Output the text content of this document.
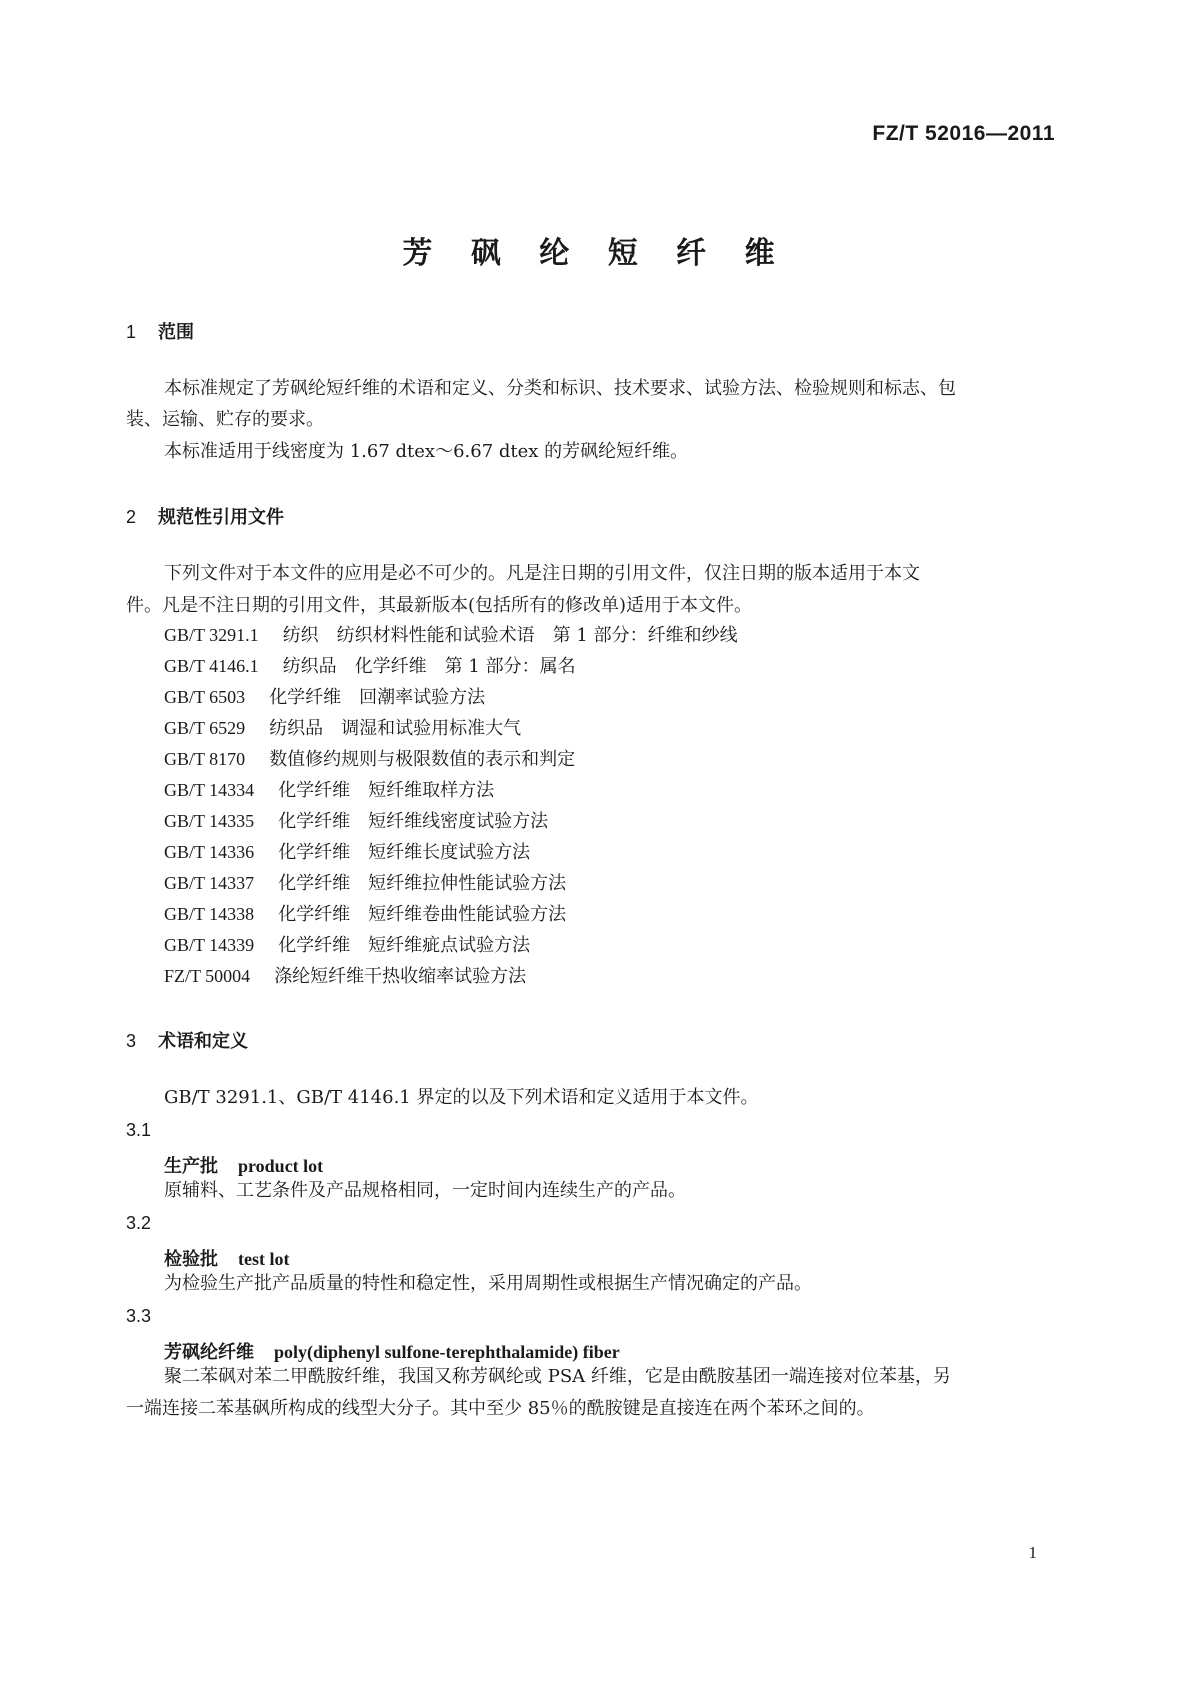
FZ/T 52016—2011
芳 砜 纶 短 纤 维
1 范围
本标准规定了芳砜纶短纤维的术语和定义、分类和标识、技术要求、试验方法、检验规则和标志、包
装、运输、贮存的要求。
本标准适用于线密度为 1.67 dtex～6.67 dtex 的芳砜纶短纤维。
2 规范性引用文件
下列文件对于本文件的应用是必不可少的。凡是注日期的引用文件，仅注日期的版本适用于本文
件。凡是不注日期的引用文件，其最新版本(包括所有的修改单)适用于本文件。
GB/T 3291.1 纺织　纺织材料性能和试验术语　第 1 部分：纤维和纱线
GB/T 4146.1 纺织品　化学纤维　第 1 部分：属名
GB/T 6503 化学纤维　回潮率试验方法
GB/T 6529 纺织品　调湿和试验用标准大气
GB/T 8170 数值修约规则与极限数值的表示和判定
GB/T 14334 化学纤维　短纤维取样方法
GB/T 14335 化学纤维　短纤维线密度试验方法
GB/T 14336 化学纤维　短纤维长度试验方法
GB/T 14337 化学纤维　短纤维拉伸性能试验方法
GB/T 14338 化学纤维　短纤维卷曲性能试验方法
GB/T 14339 化学纤维　短纤维疵点试验方法
FZ/T 50004 涤纶短纤维干热收缩率试验方法
3 术语和定义
GB/T 3291.1、GB/T 4146.1 界定的以及下列术语和定义适用于本文件。
3.1
生产批 product lot
原辅料、工艺条件及产品规格相同，一定时间内连续生产的产品。
3.2
检验批 test lot
为检验生产批产品质量的特性和稳定性，采用周期性或根据生产情况确定的产品。
3.3
芳砜纶纤维 poly(diphenyl sulfone-terephthalamide) fiber
聚二苯砜对苯二甲酰胺纤维，我国又称芳砜纶或 PSA 纤维，它是由酰胺基团一端连接对位苯基，另
一端连接二苯基砜所构成的线型大分子。其中至少 85％的酰胺键是直接连在两个苯环之间的。
1
